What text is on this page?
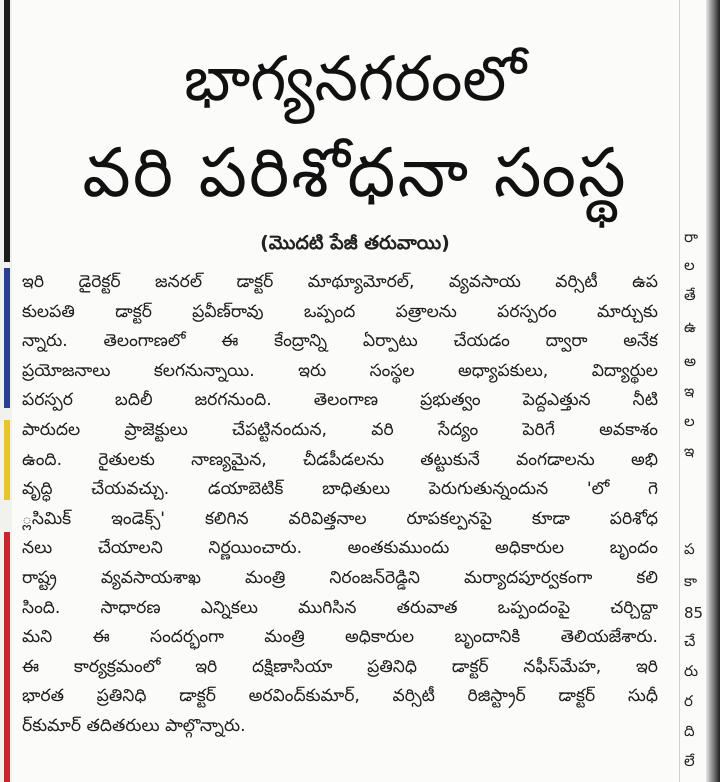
భాగ్యనగరంలో
వరి పరిశోధనా సంస్థ
(మొదటి పేజీ తరువాయి)
ఇరి డైరెక్టర్ జనరల్ డాక్టర్ మాథ్యూమోరల్, వ్యవసాయ వర్సిటీ ఉప
కులపతి డాక్టర్ ప్రవీణ్‌రావు ఒప్పంద పత్రాలను పరస్పరం మార్చుకు
న్నారు. తెలంగాణలో ఈ కేంద్రాన్ని ఏర్పాటు చేయడం ద్వారా అనేక
ప్రయోజనాలు కలగనున్నాయి. ఇరు సంస్థల అధ్యాపకులు, విద్యార్థుల
పరస్పర బదిలీ జరగనుంది. తెలంగాణ ప్రభుత్వం పెద్దఎత్తున నీటి
పారుదల ప్రాజెక్టులు చేపట్టినందున, వరి సేద్యం పెరిగే అవకాశం
ఉంది. రైతులకు నాణ్యమైన, చీడపీడలను తట్టుకునే వంగడాలను అభి
వృద్ధి చేయవచ్చు. డయాబెటిక్ బాధితులు పెరుగుతున్నందున 'లో గె
్లసిమిక్ ఇండెక్స్' కలిగిన వరివిత్తనాల రూపకల్పనపై కూడా పరిశోధ
నలు చేయాలని నిర్ణయించారు. అంతకుముందు అధికారుల బృందం
రాష్ట్ర వ్యవసాయశాఖ మంత్రి నిరంజన్‌రెడ్డిని మర్యాదపూర్వకంగా కలి
సింది. సాధారణ ఎన్నికలు ముగిసిన తరువాత ఒప్పందంపై చర్చిద్దా
మని ఈ సందర్భంగా మంత్రి అధికారుల బృందానికి తెలియజేశారు.
ఈ కార్యక్రమంలో ఇరి దక్షిణాసియా ప్రతినిధి డాక్టర్ నఫీస్‌మేహ, ఇరి
భారత ప్రతినిధి డాక్టర్ అరవింద్‌కుమార్, వర్సిటీ రిజిస్ట్రార్ డాక్టర్ సుధీ
ర్‌కుమార్ తదితరులు పాల్గొన్నారు.
రా
ల
తే
ఉ
అ
ఇ
ల
ఇ
ప
కా
85
చే
రు
ర
ది
లే
